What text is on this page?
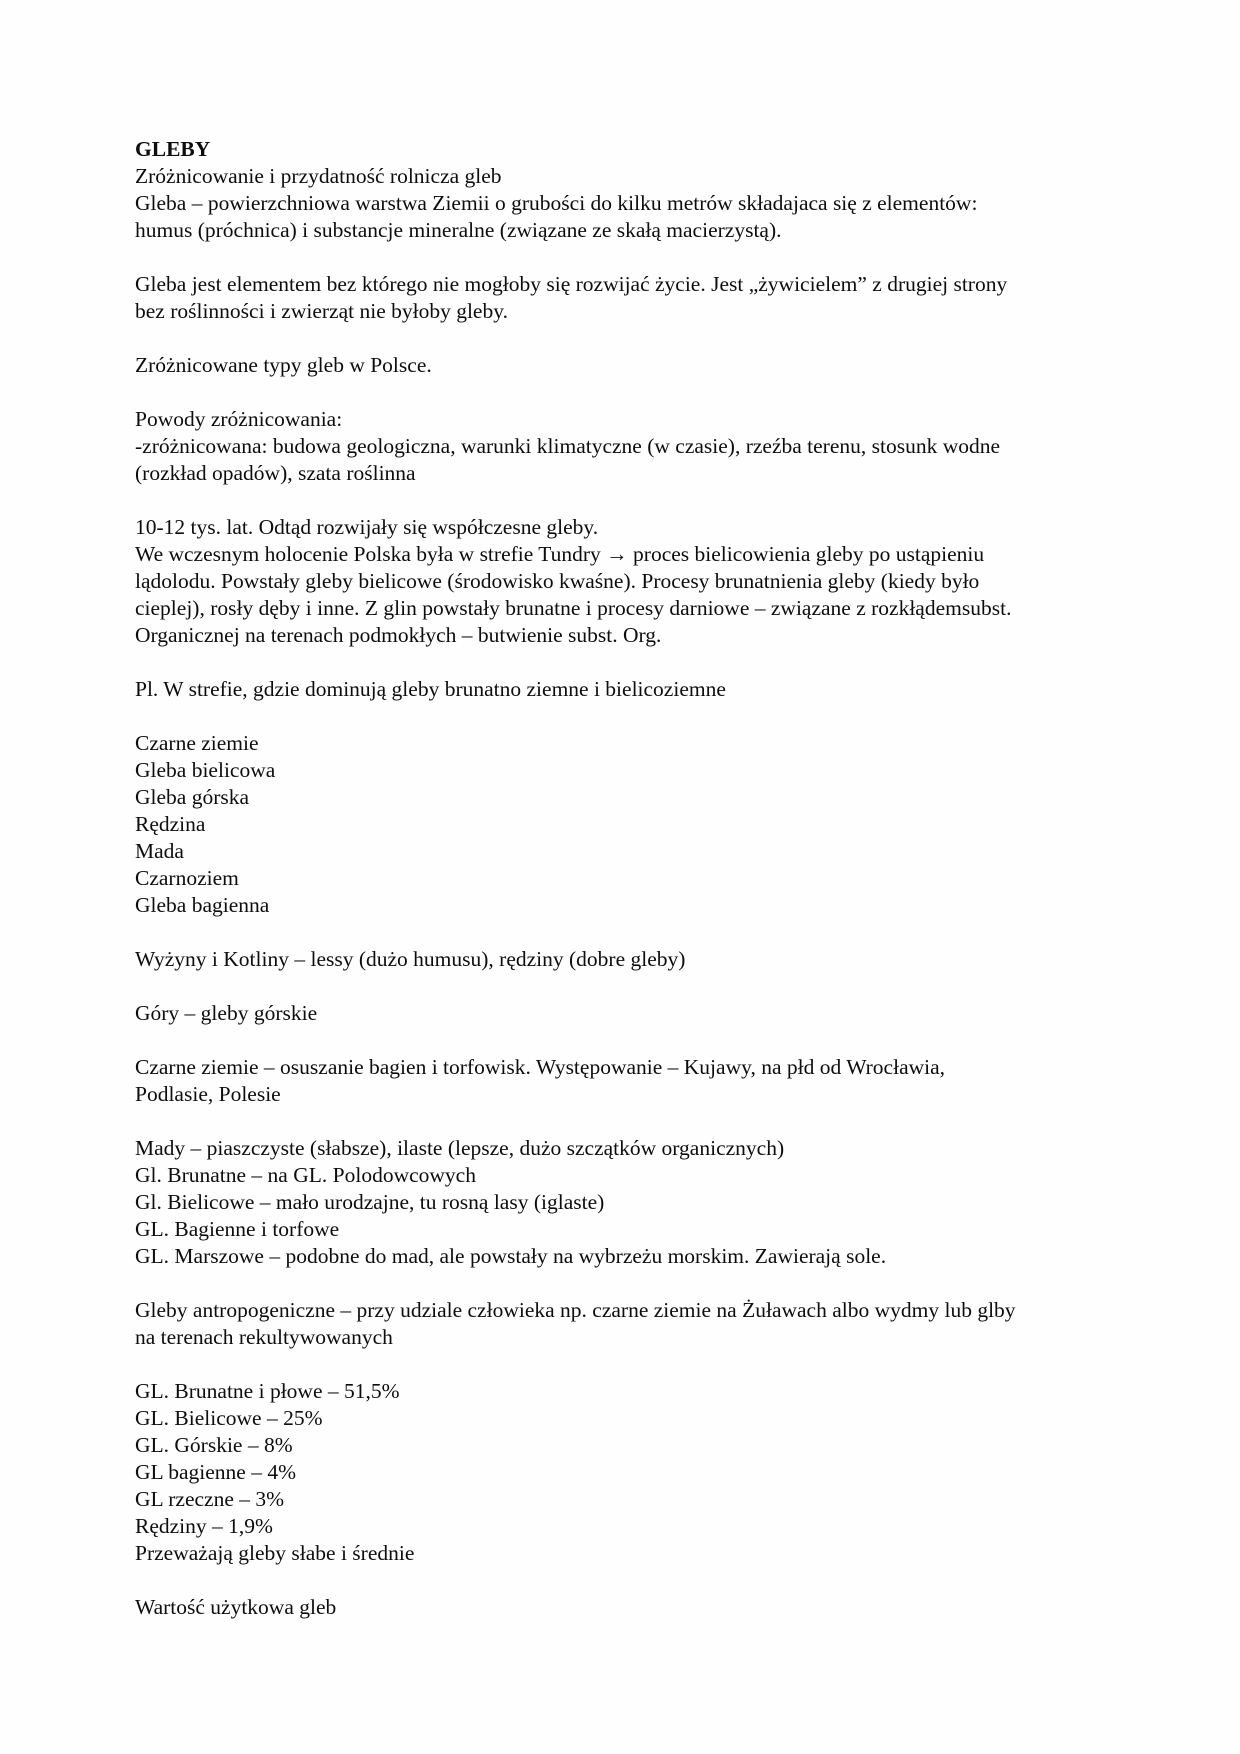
GLEBY
Zróżnicowanie i przydatność rolnicza gleb
Gleba – powierzchniowa warstwa Ziemii o grubości do kilku metrów składajaca się z elementów:
humus (próchnica) i substancje mineralne (związane ze skałą macierzystą).

Gleba jest elementem bez którego nie mogłoby się rozwijać życie. Jest „żywicielem” z drugiej strony
bez roślinności i zwierząt nie byłoby gleby.

Zróżnicowane typy gleb w Polsce.

Powody zróżnicowania:
-zróżnicowana: budowa geologiczna, warunki klimatyczne (w czasie), rzeźba terenu, stosunk wodne
(rozkład opadów), szata roślinna

10-12 tys. lat. Odtąd rozwijały się współczesne gleby.
We wczesnym holocenie Polska była w strefie Tundry → proces bielicowienia gleby po ustąpieniu
lądolodu. Powstały gleby bielicowe (środowisko kwaśne). Procesy brunatnienia gleby (kiedy było
cieplej), rosły dęby i inne. Z glin powstały brunatne i procesy darniowe – związane z rozkłądemsubst.
Organicznej na terenach podmokłych – butwienie subst. Org.

Pl. W strefie, gdzie dominują gleby brunatno ziemne i bielicoziemne

Czarne ziemie
Gleba bielicowa
Gleba górska
Rędzina
Mada
Czarnoziem
Gleba bagienna

Wyżyny i Kotliny – lessy (dużo humusu), rędziny (dobre gleby)

Góry – gleby górskie

Czarne ziemie – osuszanie bagien i torfowisk. Występowanie – Kujawy, na płd od Wrocławia,
Podlasie, Polesie

Mady – piaszczyste (słabsze), ilaste (lepsze, dużo szczątków organicznych)
Gl. Brunatne – na GL. Polodowcowych
Gl. Bielicowe – mało urodzajne, tu rosną lasy (iglaste)
GL. Bagienne i torfowe
GL. Marszowe – podobne do mad, ale powstały na wybrzeżu morskim. Zawierają sole.

Gleby antropogeniczne – przy udziale człowieka np. czarne ziemie na Żuławach albo wydmy lub glby
na terenach rekultywowanych

GL. Brunatne i płowe – 51,5%
GL. Bielicowe – 25%
GL. Górskie – 8%
GL bagienne – 4%
GL rzeczne – 3%
Rędziny – 1,9%
Przeważają gleby słabe i średnie

Wartość użytkowa gleb
